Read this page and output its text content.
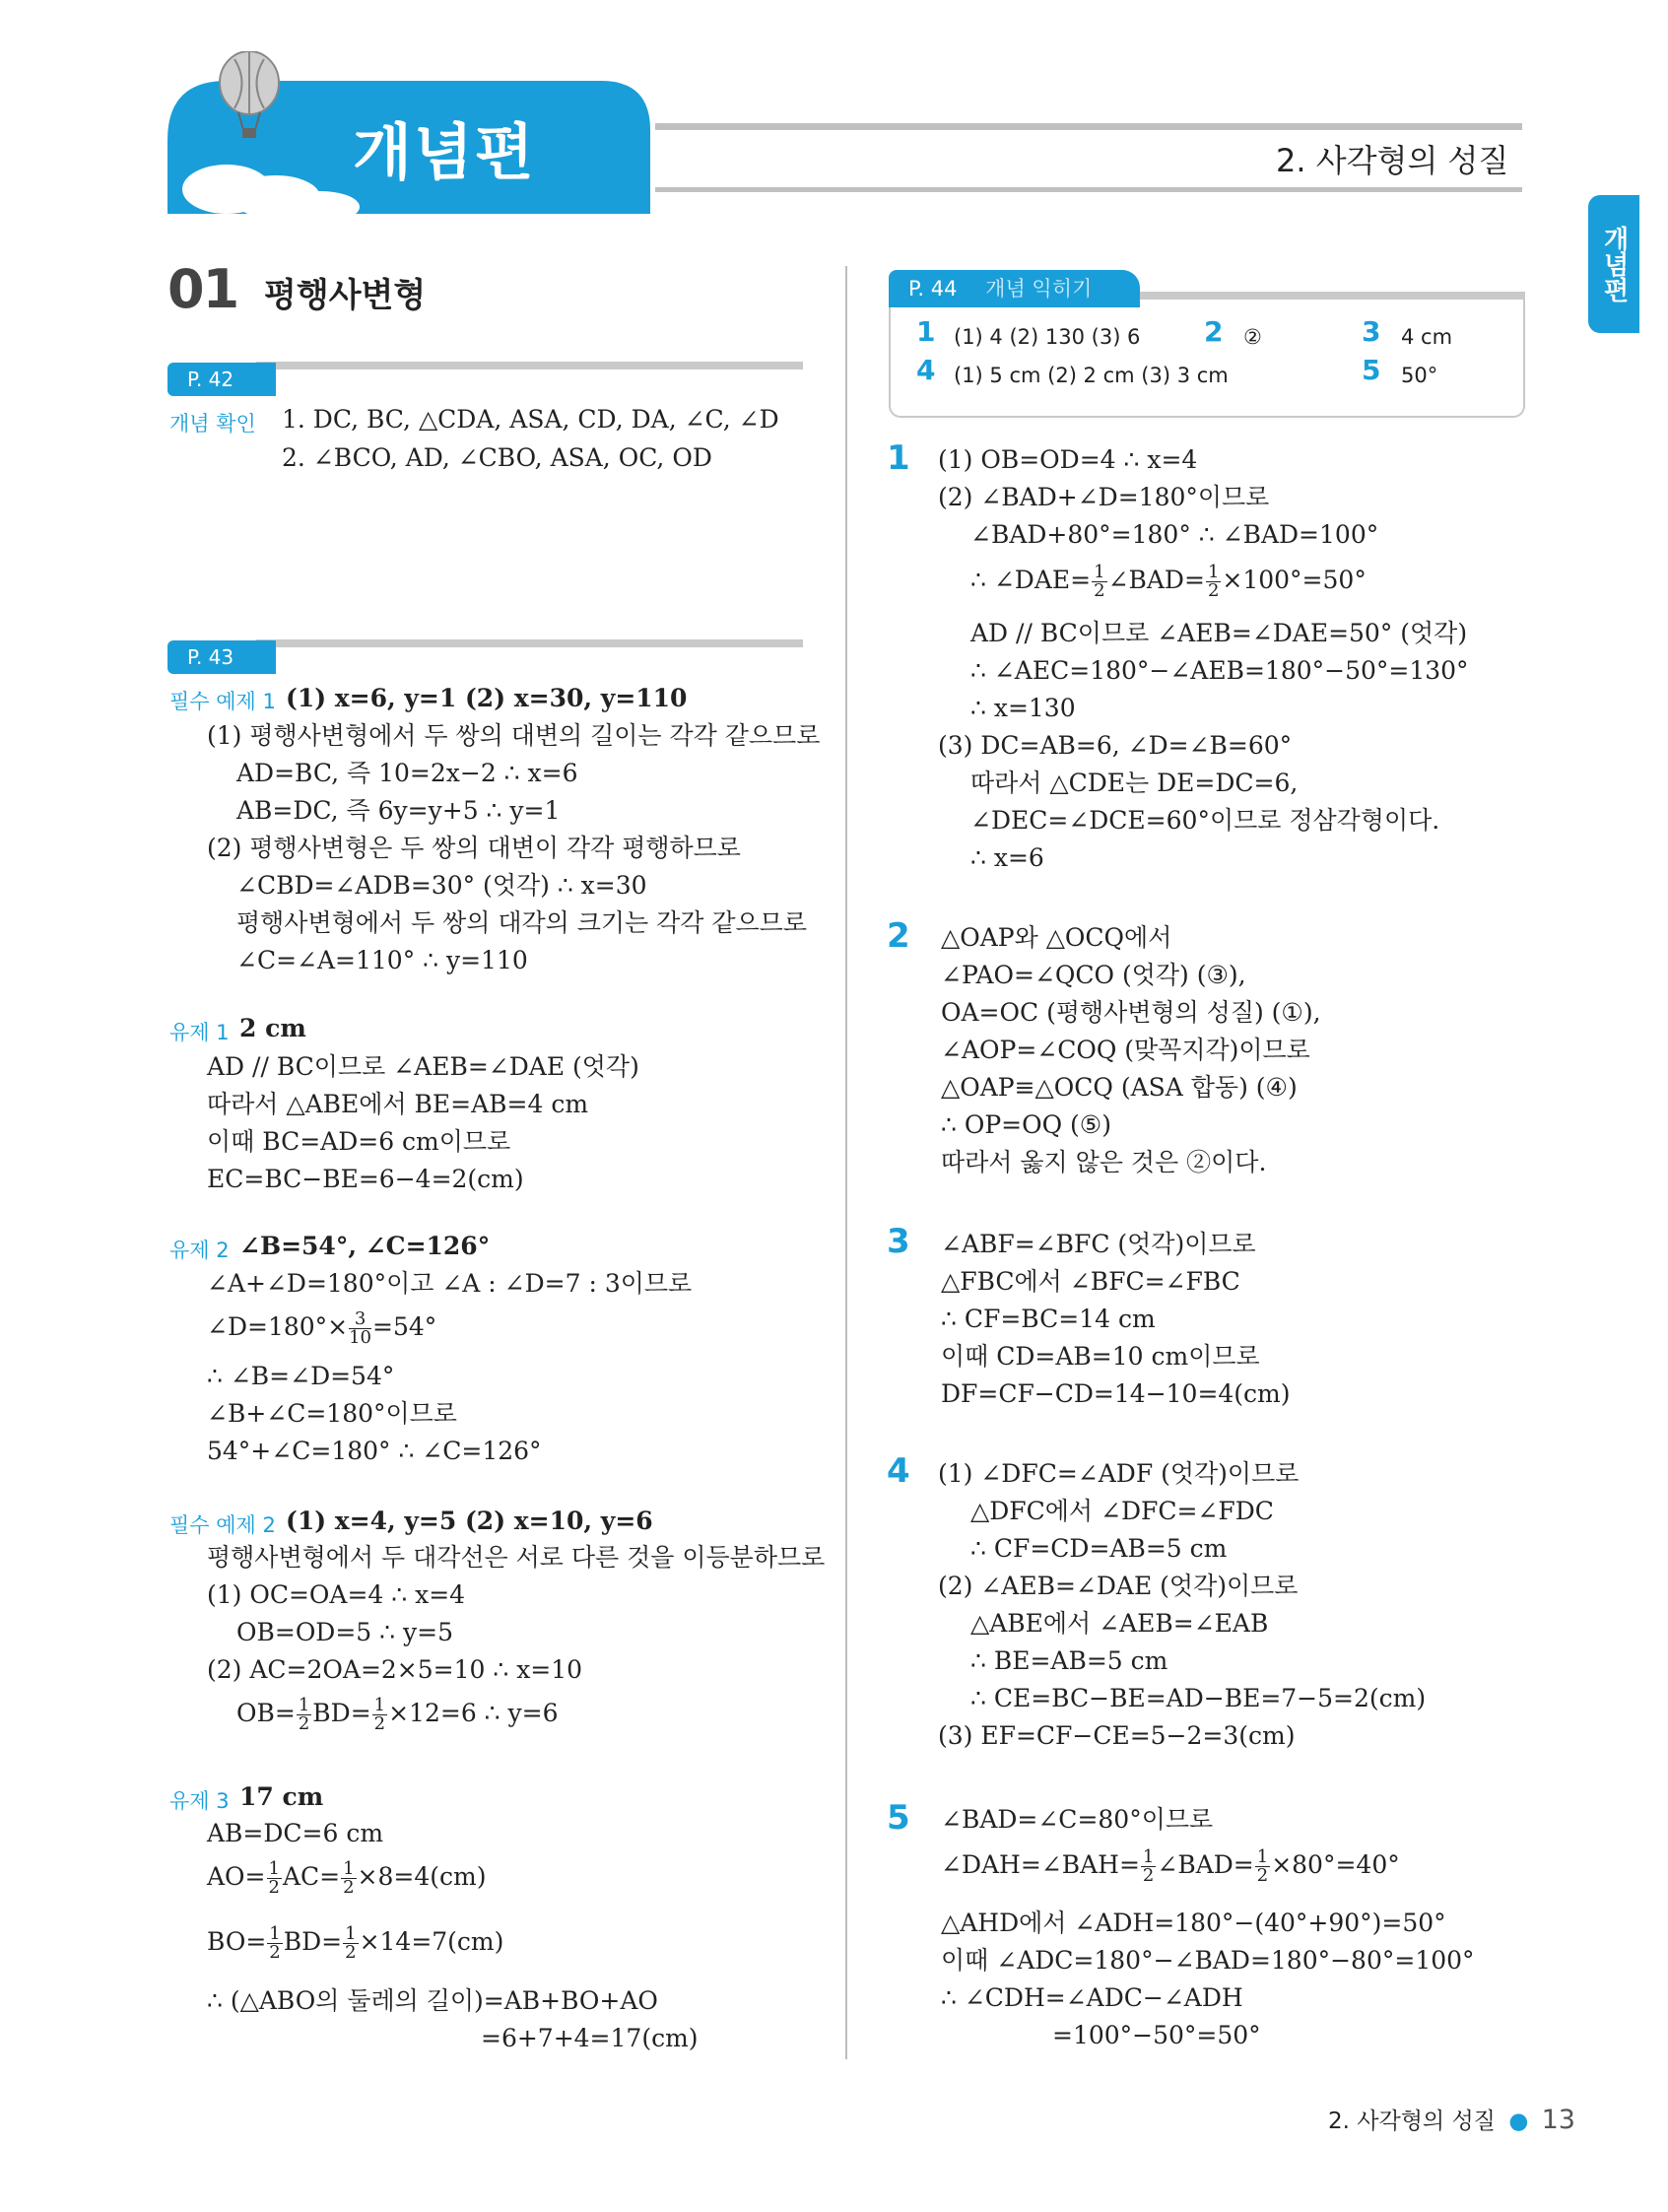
개념편	2. 사각형의 성질
개념편
01 평행사변형
P. 42
개념 확인 1. DC, BC, △CDA, ASA, CD, DA, ∠C, ∠D
2. ∠BCO, AD, ∠CBO, ASA, OC, OD
P. 43
필수 예제 1 (1) x=6, y=1 (2) x=30, y=110
(1) 평행사변형에서 두 쌍의 대변의 길이는 각각 같으므로
AD=BC, 즉 10=2x−2 ∴ x=6
AB=DC, 즉 6y=y+5 ∴ y=1
(2) 평행사변형은 두 쌍의 대변이 각각 평행하므로
∠CBD=∠ADB=30° (엇각) ∴ x=30
평행사변형에서 두 쌍의 대각의 크기는 각각 같으므로
∠C=∠A=110° ∴ y=110
유제 1 2 cm
AD // BC이므로 ∠AEB=∠DAE (엇각)
따라서 △ABE에서 BE=AB=4 cm
이때 BC=AD=6 cm이므로
EC=BC−BE=6−4=2(cm)
유제 2 ∠B=54°, ∠C=126°
∠A+∠D=180°이고 ∠A : ∠D=7 : 3이므로
∠D=180°× $\frac{3}{10} =54^\circ$
∴ ∠B=∠D=54°
∠B+∠C=180°이므로
54°+∠C=180° ∴ ∠C=126°
필수 예제 2 (1) x=4, y=5 (2) x=10, y=6
평행사변형에서 두 대각선은 서로 다른 것을 이등분하므로
(1) OC=OA=4 ∴ x=4
OB=OD=5 ∴ y=5
(2) AC=2OA=2×5=10 ∴ x=10
$OB= \frac{1}{2} BD= \frac{1}{2} \times 12=6$ ∴ y=6
유제 3 17 cm
AB=DC=6 cm
$AO= \frac{1}{2} AC= \frac{1}{2} \times 8=4(cm)$
$BO= \frac{1}{2} BD= \frac{1}{2} \times 14=7(cm)$
∴ (△ABO의 둘레의 길이)=AB+BO+AO
=6+7+4=17(cm)
P. 44 개념 익히기
1 (1) 4 (2) 130 (3) 6 2 ②	3 4 cm
4 (1) 5 cm (2) 2 cm (3) 3 cm	5 50°
1 (1) OB=OD=4 ∴ x=4
(2) ∠BAD+∠D=180°이므로
∠BAD+80°=180° ∴ ∠BAD=100°
∴ ∠DAE= $\frac{1}{2}$ ∠BAD= $\frac{1}{2} \times 100^\circ=50^\circ$
AD // BC이므로 ∠AEB=∠DAE=50° (엇각)
∴ ∠AEC=180°−∠AEB=180°−50°=130°
∴ x=130
(3) DC=AB=6, ∠D=∠B=60°
따라서 △CDE는 DE=DC=6,
∠DEC=∠DCE=60°이므로 정삼각형이다.
∴ x=6
2 △OAP와 △OCQ에서
∠PAO=∠QCO (엇각) (③),
OA=OC (평행사변형의 성질) (①),
∠AOP=∠COQ (맞꼭지각)이므로
△OAP≡△OCQ (ASA 합동) (④)
∴ OP=OQ (⑤)
따라서 옳지 않은 것은 ②이다.
3 ∠ABF=∠BFC (엇각)이므로
△FBC에서 ∠BFC=∠FBC
∴ CF=BC=14 cm
이때 CD=AB=10 cm이므로
DF=CF−CD=14−10=4(cm)
4 (1) ∠DFC=∠ADF (엇각)이므로
△DFC에서 ∠DFC=∠FDC
∴ CF=CD=AB=5 cm
(2) ∠AEB=∠DAE (엇각)이므로
△ABE에서 ∠AEB=∠EAB
∴ BE=AB=5 cm
∴ CE=BC−BE=AD−BE=7−5=2(cm)
(3) EF=CF−CE=5−2=3(cm)
5 ∠BAD=∠C=80°이므로
∠DAH=∠BAH= $\frac{1}{2}$ ∠BAD= $\frac{1}{2} \times 80^\circ=40^\circ$
△AHD에서 ∠ADH=180°−(40°+90°)=50°
이때 ∠ADC=180°−∠BAD=180°−80°=100°
∴ ∠CDH=∠ADC−∠ADH
=100°−50°=50°
2. 사각형의 성질 ● 13
